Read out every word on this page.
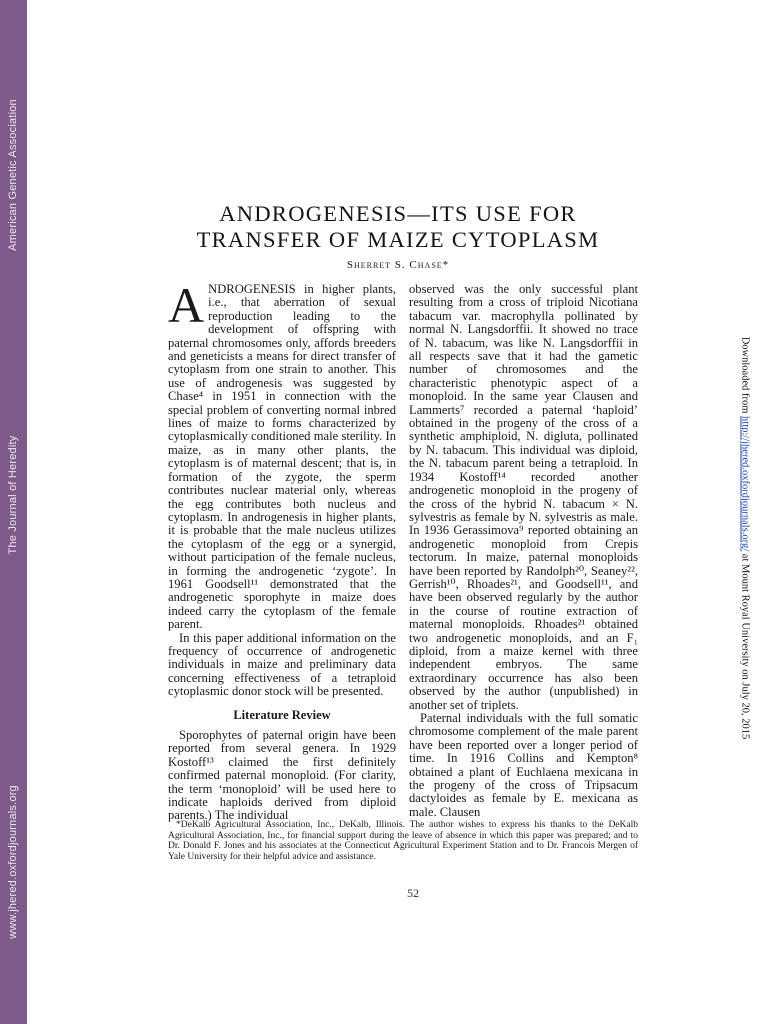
American Genetic Association
The Journal of Heredity
www.jhered.oxfordjournals.org
Downloaded from http://jhered.oxfordjournals.org/ at Mount Royal University on July 20, 2015
ANDROGENESIS—ITS USE FOR
TRANSFER OF MAIZE CYTOPLASM
Sherret S. Chase*

ANDROGENESIS in higher plants, i.e., that aberration of sexual reproduction leading to the development of offspring with paternal chromosomes only, affords breeders and geneticists a means for direct transfer of cytoplasm from one strain to another. This use of androgenesis was suggested by Chase⁴ in 1951 in connection with the special problem of converting normal inbred lines of maize to forms characterized by cytoplasmically conditioned male sterility. In maize, as in many other plants, the cytoplasm is of maternal descent; that is, in formation of the zygote, the sperm contributes nuclear material only, whereas the egg contributes both nucleus and cytoplasm. In androgenesis in higher plants, it is probable that the male nucleus utilizes the cytoplasm of the egg or a synergid, without participation of the female nucleus, in forming the androgenetic ‘zygote’. In 1961 Goodsell¹¹ demonstrated that the androgenetic sporophyte in maize does indeed carry the cytoplasm of the female parent.

In this paper additional information on the frequency of occurrence of androgenetic individuals in maize and preliminary data concerning effectiveness of a tetraploid cytoplasmic donor stock will be presented.

Literature Review

Sporophytes of paternal origin have been reported from several genera. In 1929 Kostoff¹³ claimed the first definitely confirmed paternal monoploid. (For clarity, the term ‘monoploid’ will be used here to indicate haploids derived from diploid parents.) The individual

observed was the only successful plant resulting from a cross of triploid Nicotiana tabacum var. macrophylla pollinated by normal N. Langsdorffii. It showed no trace of N. tabacum, was like N. Langsdorffii in all respects save that it had the gametic number of chromosomes and the characteristic phenotypic aspect of a monoploid. In the same year Clausen and Lammerts⁷ recorded a paternal ‘haploid’ obtained in the progeny of the cross of a synthetic amphiploid, N. digluta, pollinated by N. tabacum. This individual was diploid, the N. tabacum parent being a tetraploid. In 1934 Kostoff¹⁴ recorded another androgenetic monoploid in the progeny of the cross of the hybrid N. tabacum × N. sylvestris as female by N. sylvestris as male. In 1936 Gerassimova⁹ reported obtaining an androgenetic monoploid from Crepis tectorum. In maize, paternal monoploids have been reported by Randolph²⁰, Seaney²², Gerrish¹⁰, Rhoades²¹, and Goodsell¹¹, and have been observed regularly by the author in the course of routine extraction of maternal monoploids. Rhoades²¹ obtained two androgenetic monoploids, and an F₁ diploid, from a maize kernel with three independent embryos. The same extraordinary occurrence has also been observed by the author (unpublished) in another set of triplets.

Paternal individuals with the full somatic chromosome complement of the male parent have been reported over a longer period of time. In 1916 Collins and Kempton⁸ obtained a plant of Euchlaena mexicana in the progeny of the cross of Tripsacum dactyloides as female by E. mexicana as male. Clausen

*DeKalb Agricultural Association, Inc., DeKalb, Illinois. The author wishes to express his thanks to the DeKalb Agricultural Association, Inc., for financial support during the leave of absence in which this paper was prepared; and to Dr. Donald F. Jones and his associates at the Connecticut Agricultural Experiment Station and to Dr. Francois Mergen of Yale University for their helpful advice and assistance.

52
